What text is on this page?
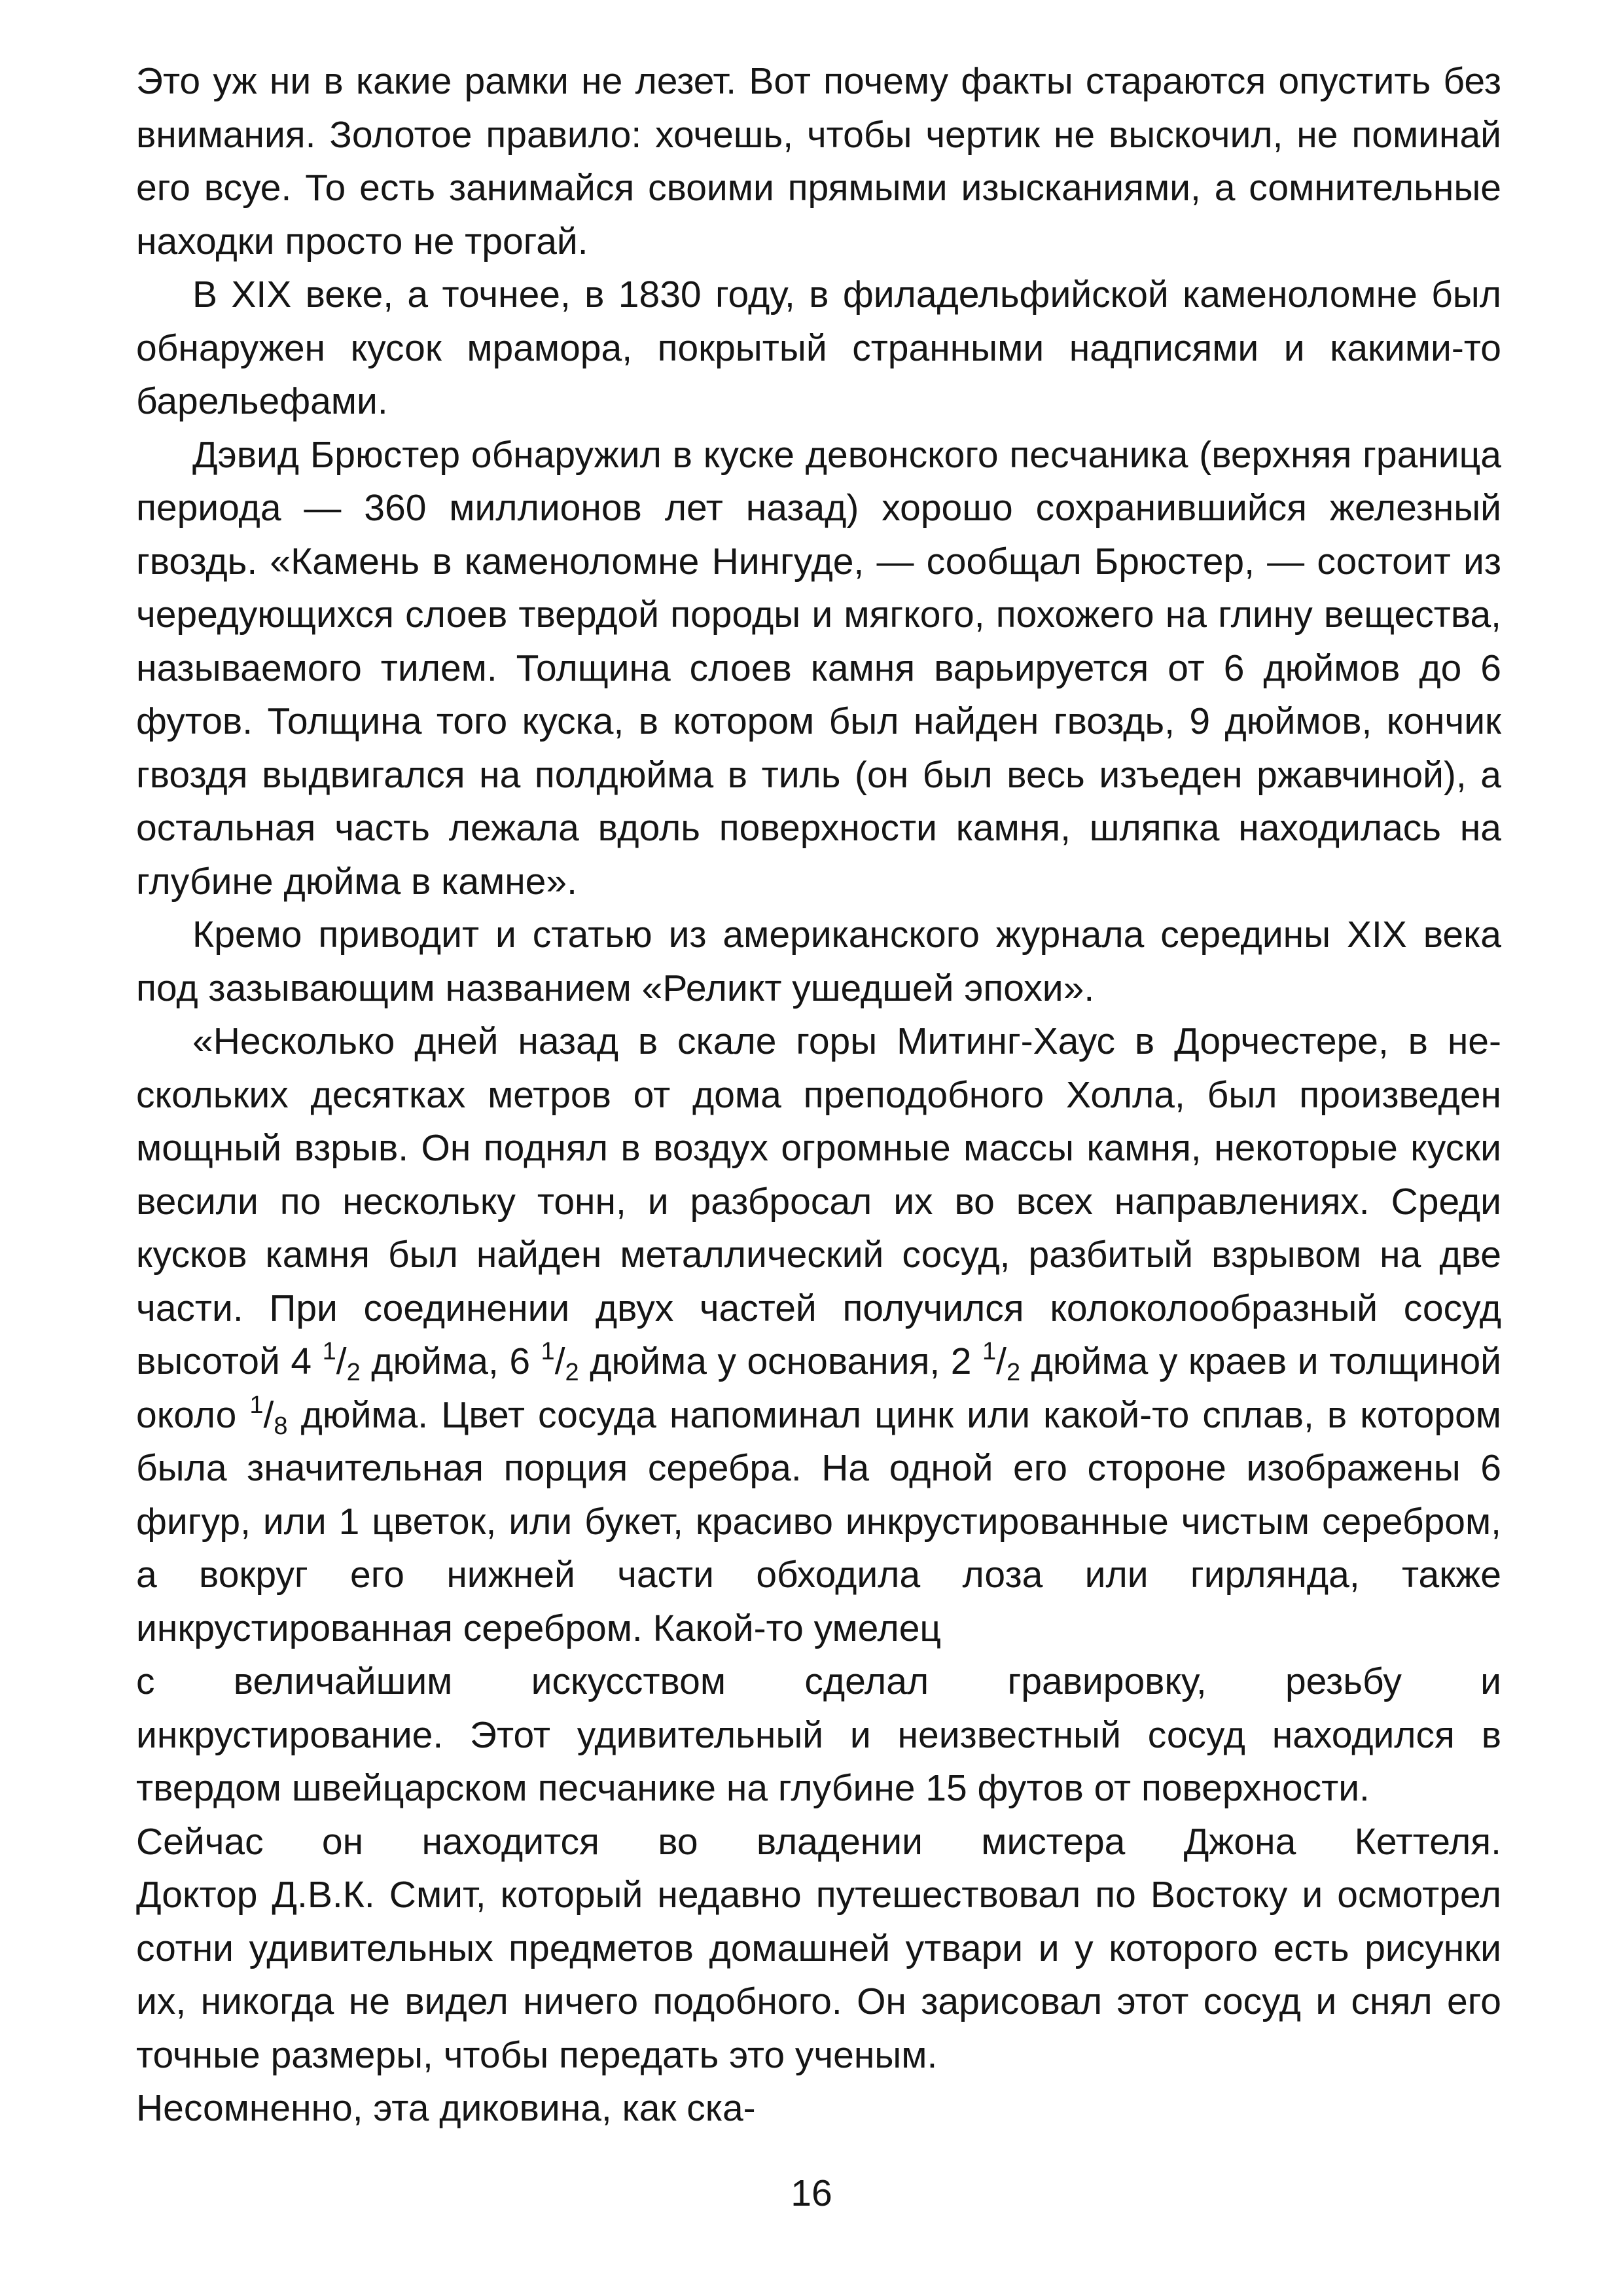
Это уж ни в какие рамки не лезет. Вот почему факты стараются опустить без внимания. Золотое правило: хочешь, чтобы чертик не выскочил, не поминай его всуе. То есть занимайся своими прямыми изысканиями, а сомнительные находки просто не трогай.

В XIX веке, а точнее, в 1830 году, в филадельфийской каменоломне был обнаружен кусок мрамора, покрытый странными надписями и какими-то барельефами.

Дэвид Брюстер обнаружил в куске девонского песчаника (верхняя граница периода — 360 миллионов лет назад) хорошо сохранившийся железный гвоздь. «Камень в каменоломне Нингуде, — сообщал Брюстер, — состоит из чередующихся слоев твердой породы и мягкого, похожего на глину вещества, называемого тилем. Толщина слоев камня варьируется от 6 дюймов до 6 футов. Толщина того куска, в котором был найден гвоздь, 9 дюймов, кончик гвоздя выдвигался на полдюйма в тиль (он был весь изъеден ржавчиной), а остальная часть лежала вдоль поверхности камня, шляпка находилась на глубине дюйма в камне».

Кремо приводит и статью из американского журнала середины XIX века под зазывающим названием «Реликт ушедшей эпохи».

«Несколько дней назад в скале горы Митинг-Хаус в Дорчестере, в нескольких десятках метров от дома преподобного Холла, был произведен мощный взрыв. Он поднял в воздух огромные массы камня, некоторые куски весили по нескольку тонн, и разбросал их во всех направлениях. Среди кусков камня был найден металлический сосуд, разбитый взрывом на две части. При соединении двух частей получился колоколообразный сосуд высотой 4 $^1/_2$ дюйма, 6 $^1/_2$ дюйма у основания, 2 $^1/_2$ дюйма у краев и толщиной около $^1/_8$ дюйма. Цвет сосуда напоминал цинк или какой-то сплав, в котором была значительная порция серебра. На одной его стороне изображены 6 фигур, или 1 цветок, или букет, красиво инкрустированные чистым серебром, а вокруг его нижней части обходила лоза или гирлянда, также инкрустированная серебром. Какой-то умелец

с величайшим искусством сделал гравировку, резьбу и

инкрустирование. Этот удивительный и неизвестный сосуд находился в твердом швейцарском песчанике на глубине 15 футов от поверхности.

Сейчас он находится во владении мистера Джона Кеттеля.

Доктор Д.В.К. Смит, который недавно путешествовал по Востоку и осмотрел сотни удивительных предметов домашней утвари и у которого есть рисунки их, никогда не видел ничего подобного. Он зарисовал этот сосуд и снял его точные размеры, чтобы передать это ученым.

Несомненно, эта диковина, как ска-

16
